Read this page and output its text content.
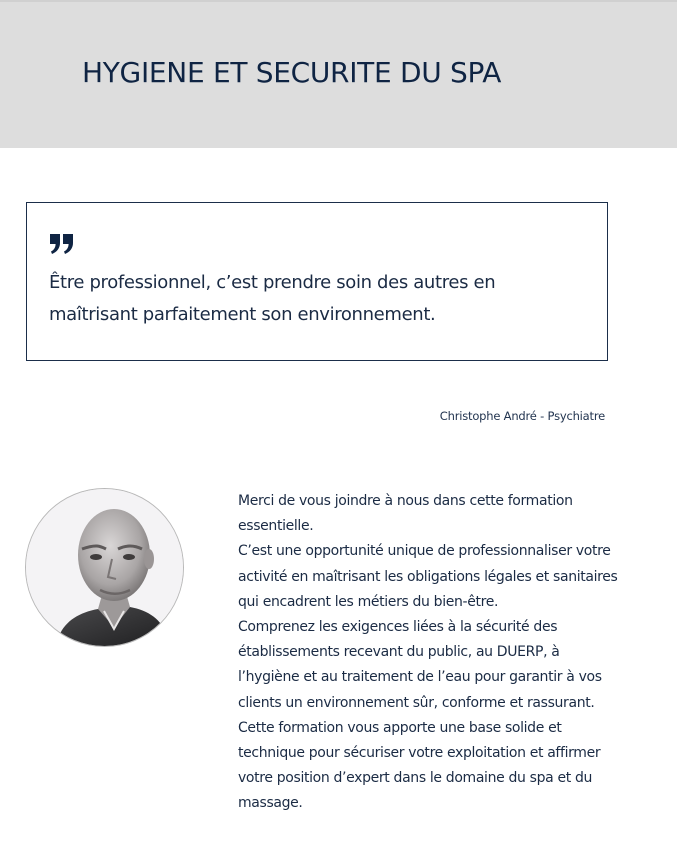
HYGIENE ET SECURITE DU SPA

Être professionnel, c’est prendre soin des autres en maîtrisant parfaitement son environnement.

Christophe André - Psychiatre

Merci de vous joindre à nous dans cette formation essentielle.

C’est une opportunité unique de professionnaliser votre activité en maîtrisant les obligations légales et sanitaires qui encadrent les métiers du bien-être.

Comprenez les exigences liées à la sécurité des établissements recevant du public, au DUERP, à l’hygiène et au traitement de l’eau pour garantir à vos clients un environnement sûr, conforme et rassurant.

Cette formation vous apporte une base solide et technique pour sécuriser votre exploitation et affirmer votre position d’expert dans le domaine du spa et du massage.
